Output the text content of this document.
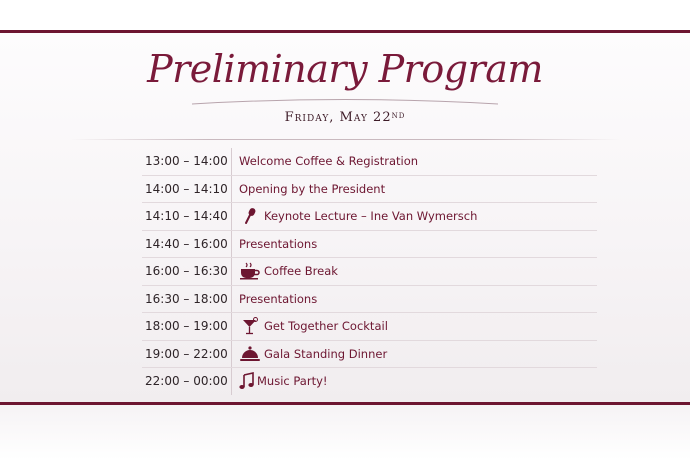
Preliminary Program
Friday, May 22nd
13:00 – 14:00 Welcome Coffee & Registration
14:00 – 14:10 Opening by the President
14:10 – 14:40	Keynote Lecture – Ine Van Wymersch
14:40 – 16:00 Presentations
16:00 – 16:30	Coffee Break
16:30 – 18:00 Presentations
18:00 – 19:00	Get Together Cocktail
19:00 – 22:00	Gala Standing Dinner
22:00 – 00:00	Music Party!
